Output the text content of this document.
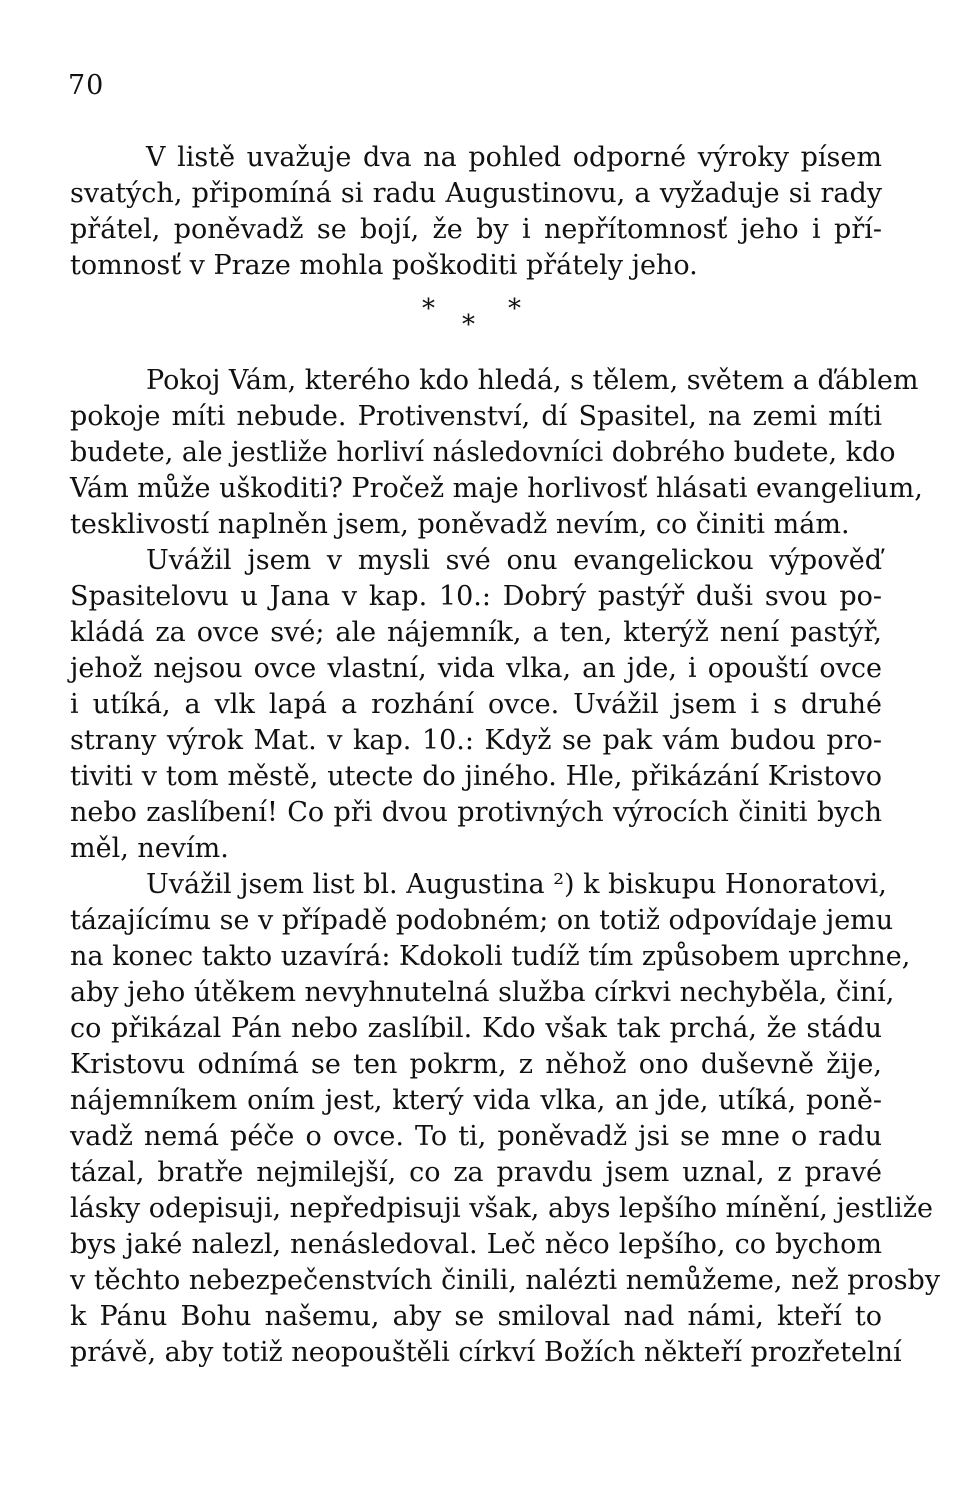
70
V listě uvažuje dva na pohled odporné výroky písem
svatých, připomíná si radu Augustinovu, a vyžaduje si rady
přátel, poněvadž se bojí, že by i nepřítomnosť jeho i pří-
tomnosť v Praze mohla poškoditi přátely jeho.
*
*
*
Pokoj Vám, kterého kdo hledá, s tělem, světem a ďáblem
pokoje míti nebude. Protivenství, dí Spasitel, na zemi míti
budete, ale jestliže horliví následovníci dobrého budete, kdo
Vám může uškoditi? Pročež maje horlivosť hlásati evangelium,
tesklivostí naplněn jsem, poněvadž nevím, co činiti mám.
Uvážil jsem v mysli své onu evangelickou výpověď
Spasitelovu u Jana v kap. 10.: Dobrý pastýř duši svou po-
kládá za ovce své; ale nájemník, a ten, kterýž není pastýř,
jehož nejsou ovce vlastní, vida vlka, an jde, i opouští ovce
i utíká, a vlk lapá a rozhání ovce. Uvážil jsem i s druhé
strany výrok Mat. v kap. 10.: Když se pak vám budou pro-
tiviti v tom městě, utecte do jiného. Hle, přikázání Kristovo
nebo zaslíbení! Co při dvou protivných výrocích činiti bych
měl, nevím.
Uvážil jsem list bl. Augustina ²) k biskupu Honoratovi,
tázajícímu se v případě podobném; on totiž odpovídaje jemu
na konec takto uzavírá: Kdokoli tudíž tím způsobem uprchne,
aby jeho útěkem nevyhnutelná služba církvi nechyběla, činí,
co přikázal Pán nebo zaslíbil. Kdo však tak prchá, že stádu
Kristovu odnímá se ten pokrm, z něhož ono duševně žije,
nájemníkem oním jest, který vida vlka, an jde, utíká, poně-
vadž nemá péče o ovce. To ti, poněvadž jsi se mne o radu
tázal, bratře nejmilejší, co za pravdu jsem uznal, z pravé
lásky odepisuji, nepředpisuji však, abys lepšího mínění, jestliže
bys jaké nalezl, nenásledoval. Leč něco lepšího, co bychom
v těchto nebezpečenstvích činili, nalézti nemůžeme, než prosby
k Pánu Bohu našemu, aby se smiloval nad námi, kteří to
právě, aby totiž neopouštěli církví Božích někteří prozřetelní
